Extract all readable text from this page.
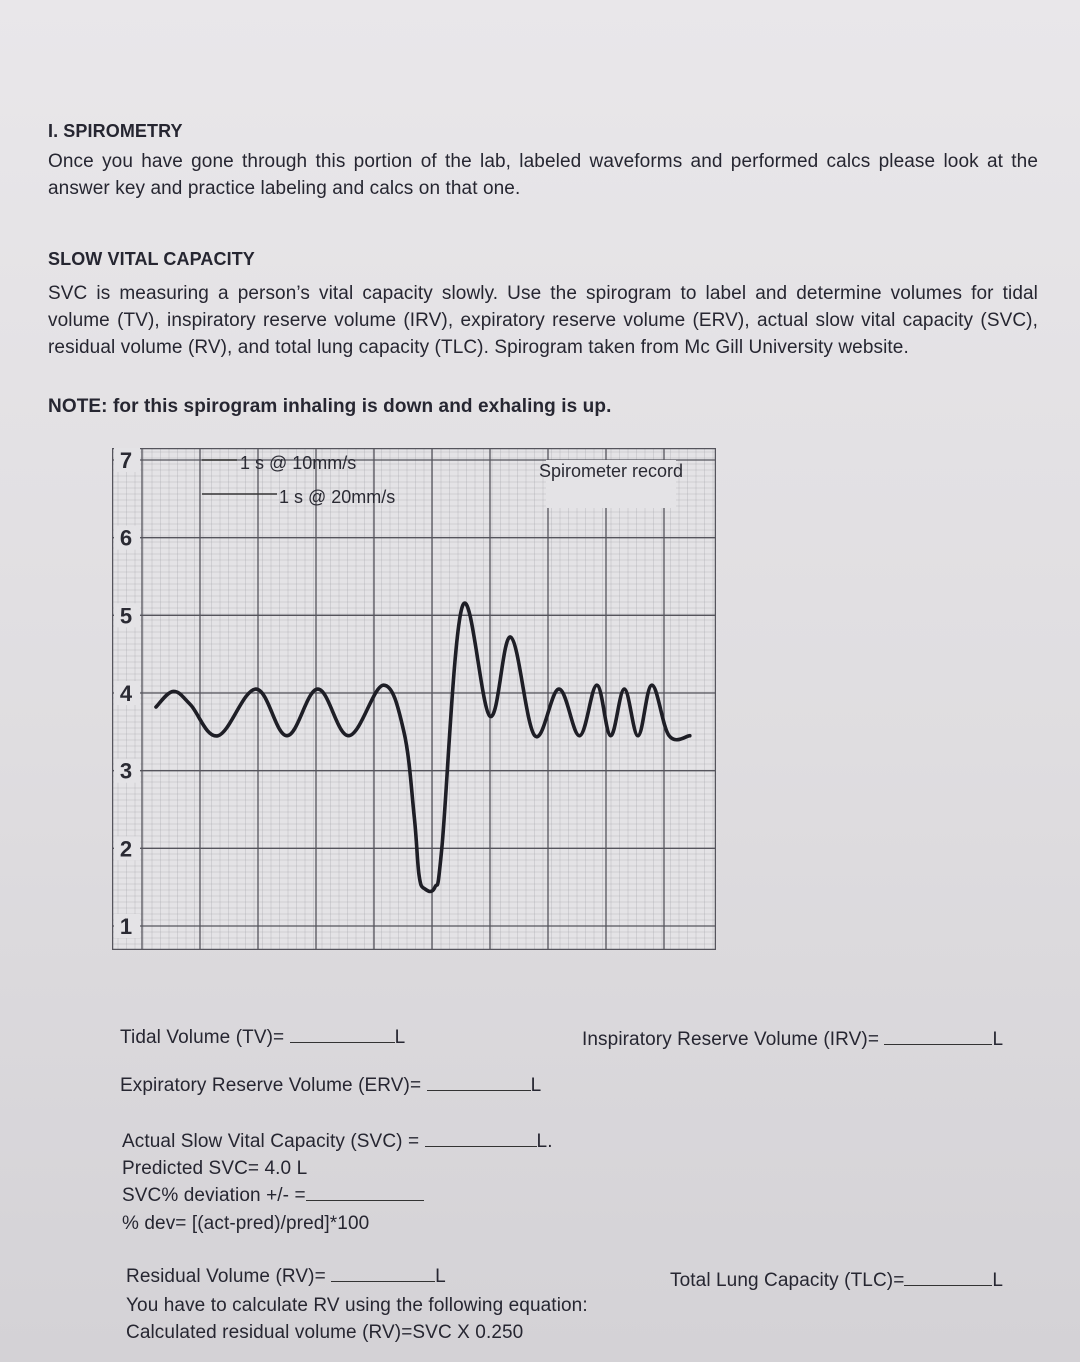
I. SPIROMETRY
Once you have gone through this portion of the lab, labeled waveforms and performed calcs please look at the answer key and practice labeling and calcs on that one.
SLOW VITAL CAPACITY
SVC is measuring a person’s vital capacity slowly. Use the spirogram to label and determine volumes for tidal volume (TV), inspiratory reserve volume (IRV), expiratory reserve volume (ERV), actual slow vital capacity (SVC), residual volume (RV), and total lung capacity (TLC). Spirogram taken from Mc Gill University website.
NOTE: for this spirogram inhaling is down and exhaling is up.
7
6
5
4
3
2
1
1 s @ 10mm/s
1 s @ 20mm/s
Spirometer record
Tidal Volume (TV)=	L	Inspiratory Reserve Volume (IRV)=	L
Expiratory Reserve Volume (ERV)=	L
Actual Slow Vital Capacity (SVC) =	L.
Predicted SVC= 4.0 L
SVC% deviation +/- =
% dev= [(act-pred)/pred]*100
Residual Volume (RV)=	L	Total Lung Capacity (TLC)=	L
You have to calculate RV using the following equation:
Calculated residual volume (RV)=SVC X 0.250
